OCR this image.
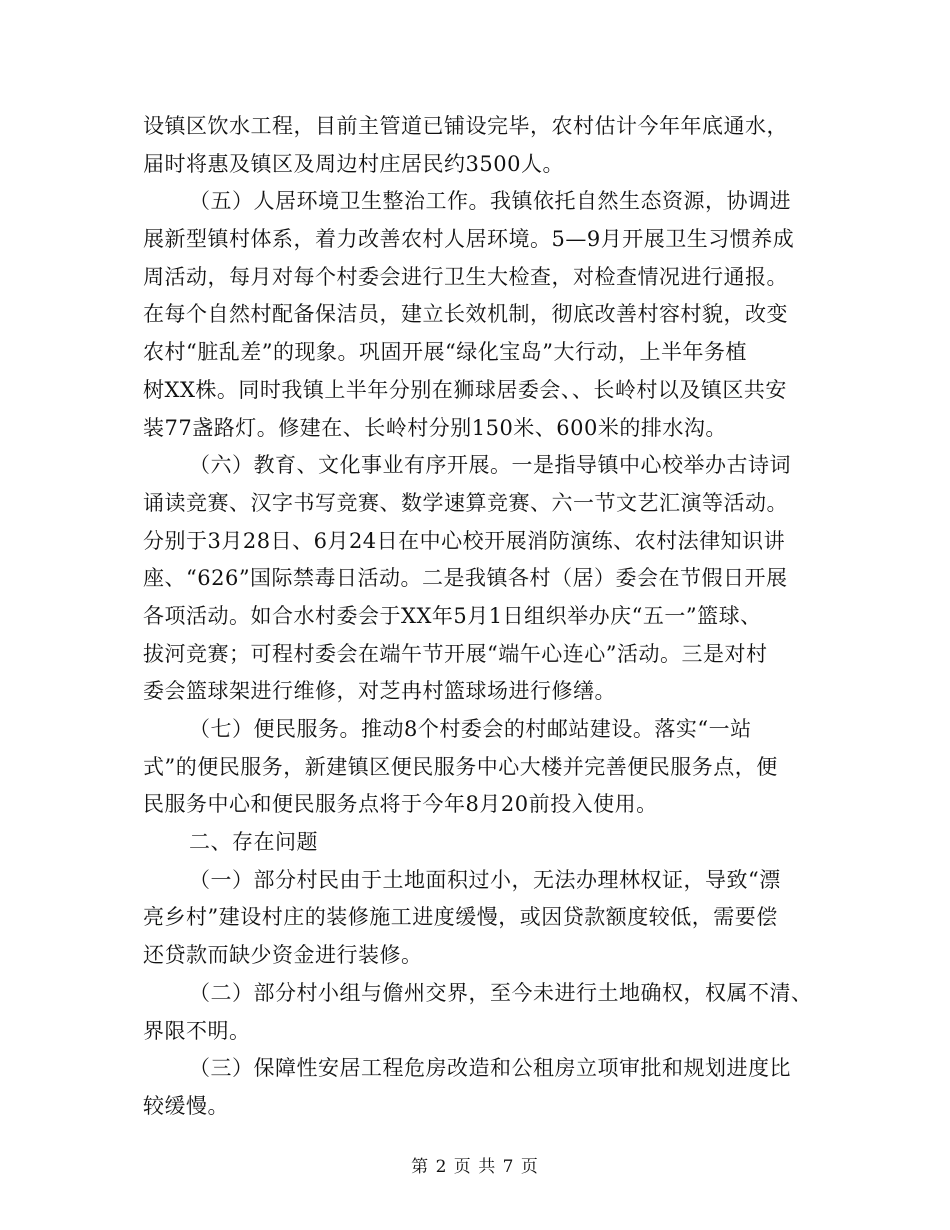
设镇区饮水工程，目前主管道已铺设完毕，农村估计今年年底通水，
届时将惠及镇区及周边村庄居民约3500人。
（五）人居环境卫生整治工作。我镇依托自然生态资源，协调进
展新型镇村体系，着力改善农村人居环境。5—9月开展卫生习惯养成
周活动，每月对每个村委会进行卫生大检查，对检查情况进行通报。
在每个自然村配备保洁员，建立长效机制，彻底改善村容村貌，改变
农村“脏乱差”的现象。巩固开展“绿化宝岛”大行动，上半年务植
树XX株。同时我镇上半年分别在狮球居委会、、长岭村以及镇区共安
装77盏路灯。修建在、长岭村分别150米、600米的排水沟。
（六）教育、文化事业有序开展。一是指导镇中心校举办古诗词
诵读竞赛、汉字书写竞赛、数学速算竞赛、六一节文艺汇演等活动。
分别于3月28日、6月24日在中心校开展消防演练、农村法律知识讲
座、“626”国际禁毒日活动。二是我镇各村（居）委会在节假日开展
各项活动。如合水村委会于XX年5月1日组织举办庆“五一”篮球、
拔河竞赛；可程村委会在端午节开展“端午心连心”活动。三是对村
委会篮球架进行维修，对芝冉村篮球场进行修缮。
（七）便民服务。推动8个村委会的村邮站建设。落实“一站
式”的便民服务，新建镇区便民服务中心大楼并完善便民服务点，便
民服务中心和便民服务点将于今年8月20前投入使用。
二、存在问题
（一）部分村民由于土地面积过小，无法办理林权证，导致“漂
亮乡村”建设村庄的装修施工进度缓慢，或因贷款额度较低，需要偿
还贷款而缺少资金进行装修。
（二）部分村小组与儋州交界，至今未进行土地确权，权属不清、
界限不明。
（三）保障性安居工程危房改造和公租房立项审批和规划进度比
较缓慢。
第 2 页 共 7 页
